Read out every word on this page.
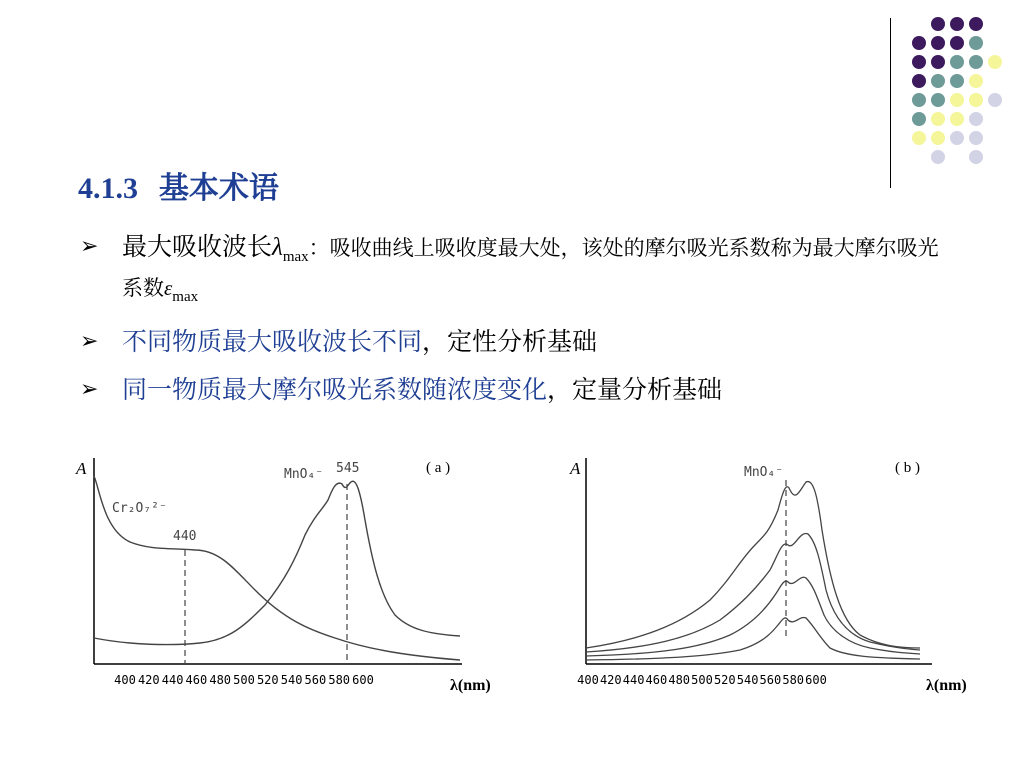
4.1.3 基本术语
➢ 最大吸收波长$\lambda_{max}$：吸收曲线上吸收度最大处，该处的摩尔吸光系数称为最大摩尔吸光系数$\varepsilon_{max}$
➢ 不同物质最大吸收波长不同，定性分析基础
➢ 同一物质最大摩尔吸光系数随浓度变化，定量分析基础
A	( a )
Cr₂O₇²⁻
MnO₄⁻
440
545
400 420 440 460 480 500 520 540 560 580 600	λ(nm)
A	( b )
MnO₄⁻
400 420 440 460 480 500 520 540 560 580 600	λ(nm)
